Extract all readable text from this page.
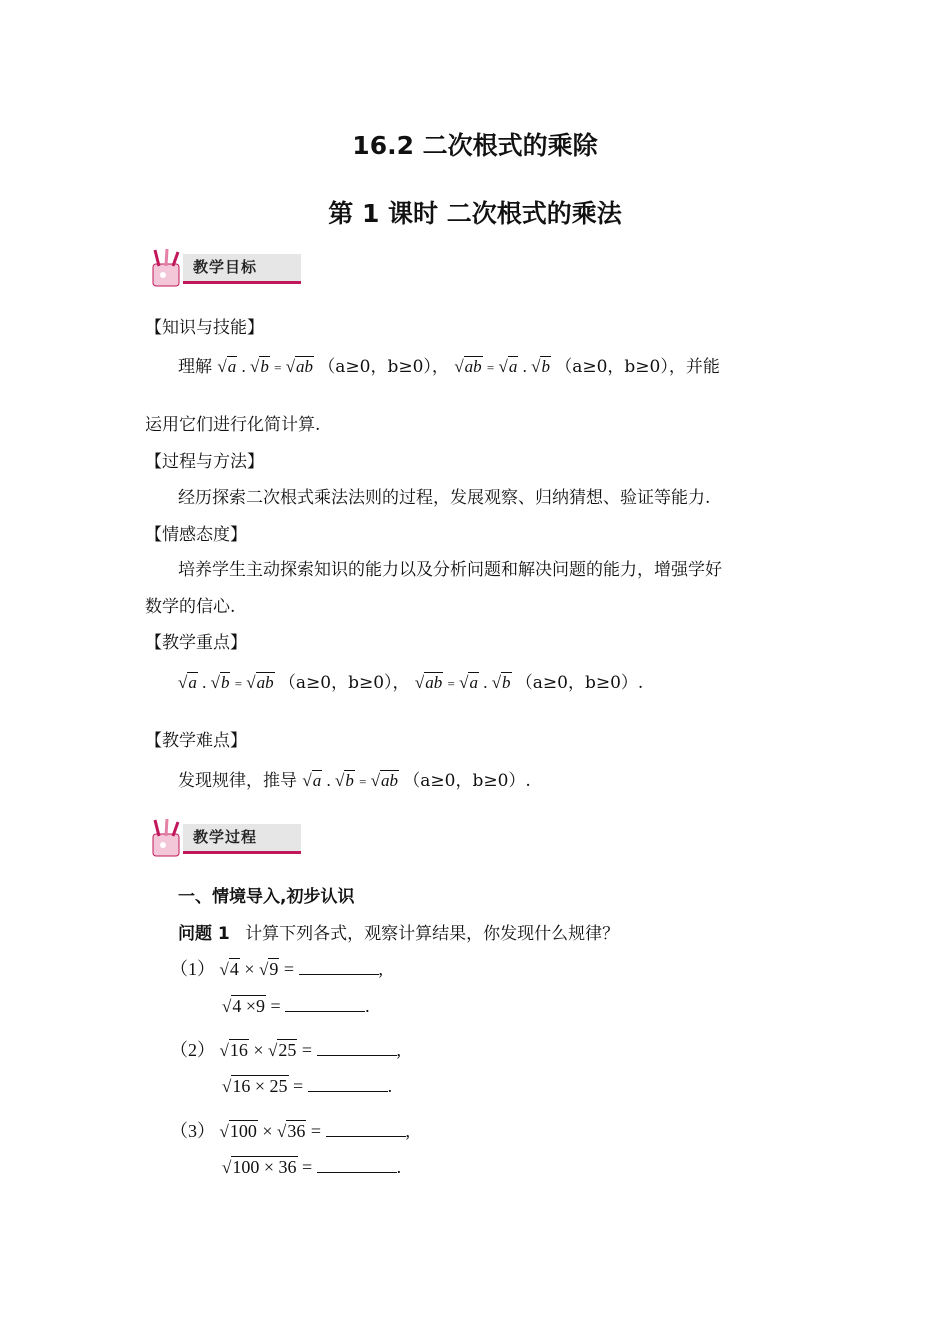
16.2 二次根式的乘除
第 1 课时 二次根式的乘法
教学目标
【知识与技能】
理解 √a . √b = √ab （a≥0，b≥0）， √ab = √a . √b （a≥0，b≥0），并能
运用它们进行化简计算.
【过程与方法】
经历探索二次根式乘法法则的过程，发展观察、归纳猜想、验证等能力.
【情感态度】
培养学生主动探索知识的能力以及分析问题和解决问题的能力，增强学好
数学的信心.
【教学重点】
√a . √b = √ab （a≥0，b≥0）， √ab = √a . √b （a≥0，b≥0）.
【教学难点】
发现规律，推导 √a . √b = √ab （a≥0，b≥0）.
教学过程
一、情境导入,初步认识
问题 1 计算下列各式，观察计算结果，你发现什么规律？
（1） √4 × √9 =	,
√4 ×9 =	.
（2） √16 × √25 =	,
√16 × 25 =	.
（3） √100 × √36 =	,
√100 × 36 =	.
